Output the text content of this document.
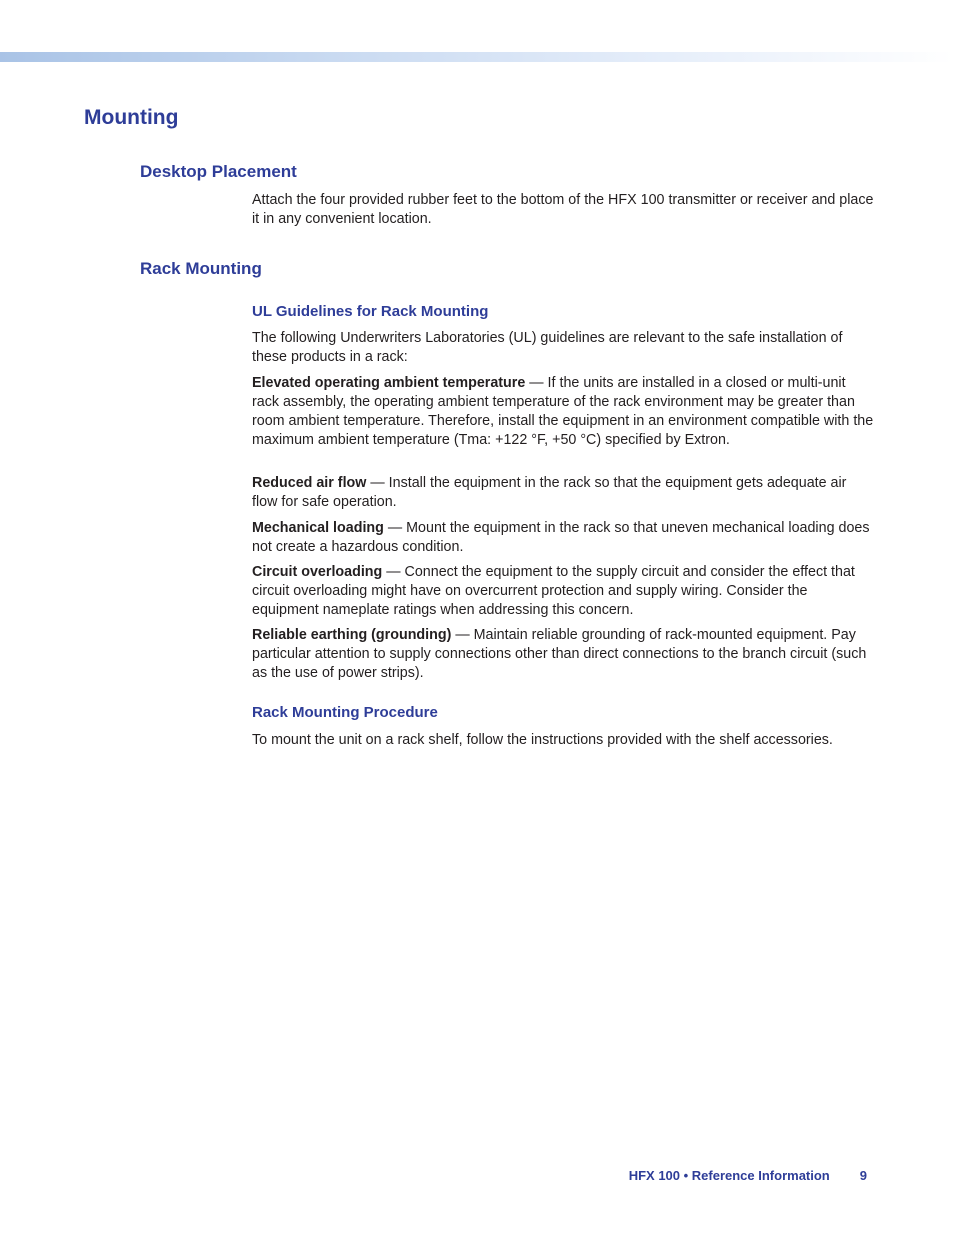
Mounting
Desktop Placement

Attach the four provided rubber feet to the bottom of the HFX 100 transmitter or receiver and place it in any convenient location.

Rack Mounting
UL Guidelines for Rack Mounting

The following Underwriters Laboratories (UL) guidelines are relevant to the safe installation of these products in a rack:

Elevated operating ambient temperature — If the units are installed in a closed or multi-unit rack assembly, the operating ambient temperature of the rack environment may be greater than room ambient temperature. Therefore, install the equipment in an environment compatible with the maximum ambient temperature (Tma: +122 °F, +50 °C) specified by Extron.

Reduced air flow — Install the equipment in the rack so that the equipment gets adequate air flow for safe operation.

Mechanical loading — Mount the equipment in the rack so that uneven mechanical loading does not create a hazardous condition.

Circuit overloading — Connect the equipment to the supply circuit and consider the effect that circuit overloading might have on overcurrent protection and supply wiring. Consider the equipment nameplate ratings when addressing this concern.

Reliable earthing (grounding) — Maintain reliable grounding of rack-mounted equipment. Pay particular attention to supply connections other than direct connections to the branch circuit (such as the use of power strips).

Rack Mounting Procedure

To mount the unit on a rack shelf, follow the instructions provided with the shelf accessories.

HFX 100 • Reference Information 9
